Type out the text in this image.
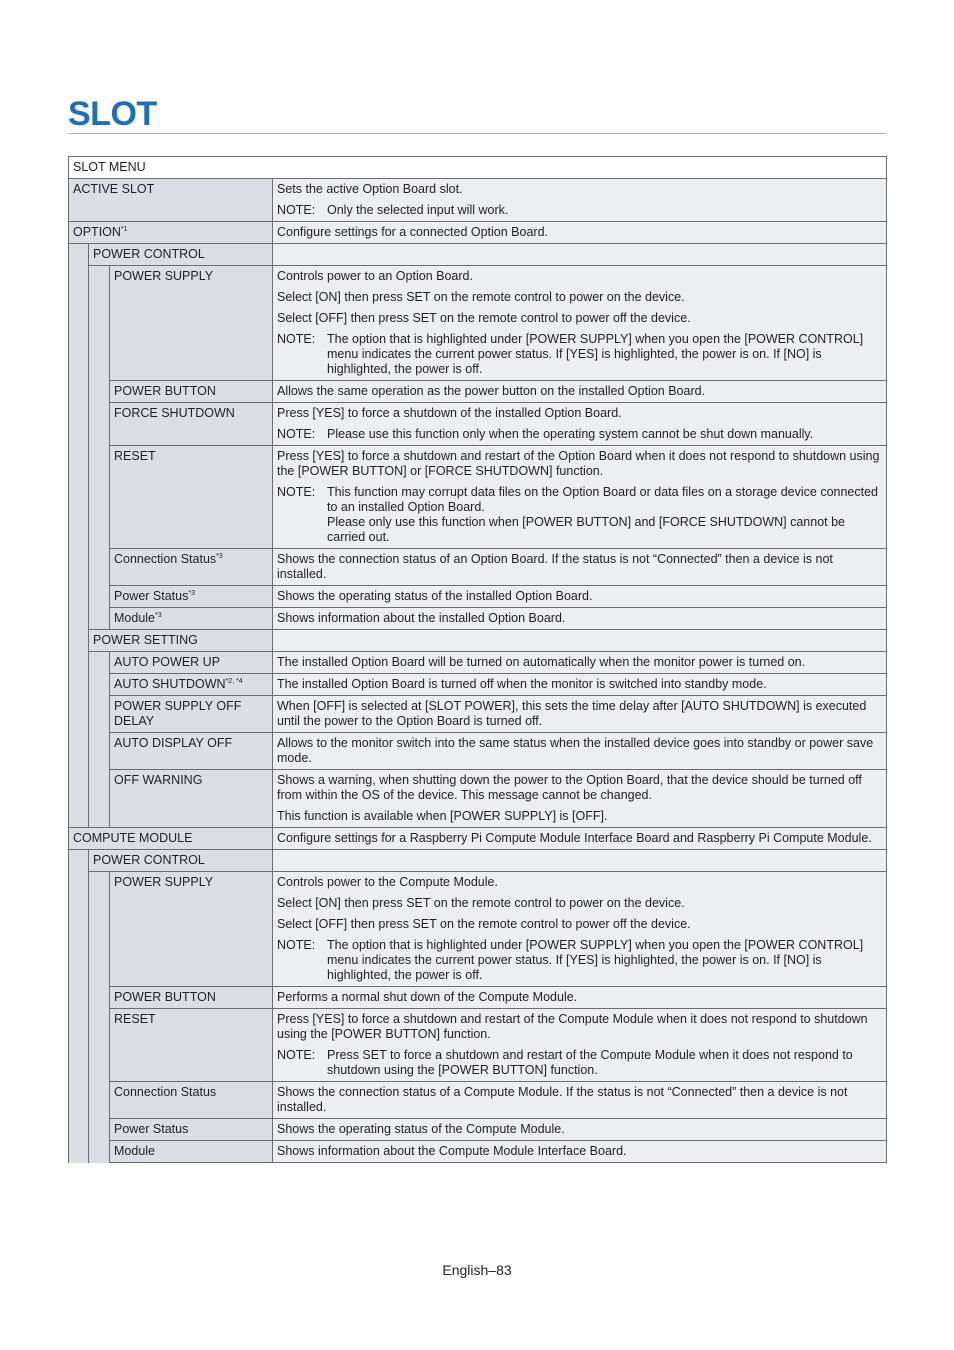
SLOT
SLOT MENU			
ACTIVE SLOT			Sets the active Option Board slot.
NOTE: Only the selected input will work.

OPTION$^{*1}$			Configure settings for a connected Option Board.
	POWER CONTROL		
		POWER SUPPLY	Controls power to an Option Board.
Select [ON] then press SET on the remote control to power on the device.
Select [OFF] then press SET on the remote control to power off the device.
NOTE: The option that is highlighted under [POWER SUPPLY] when you open the [POWER CONTROL] menu indicates the current power status. If [YES] is highlighted, the power is on. If [NO] is highlighted, the power is off.

		POWER BUTTON	Allows the same operation as the power button on the installed Option Board.
		FORCE SHUTDOWN	Press [YES] to force a shutdown of the installed Option Board.
NOTE: Please use this function only when the operating system cannot be shut down manually.

		RESET	Press [YES] to force a shutdown and restart of the Option Board when it does not respond to shutdown using the [POWER BUTTON] or [FORCE SHUTDOWN] function.
NOTE: This function may corrupt data files on the Option Board or data files on a storage device connected to an installed Option Board.
Please only use this function when [POWER BUTTON] and [FORCE SHUTDOWN] cannot be carried out.

		Connection Status$^{*3}$	Shows the connection status of an Option Board. If the status is not “Connected” then a device is not installed.
		Power Status$^{*3}$	Shows the operating status of the installed Option Board.
		Module$^{*3}$	Shows information about the installed Option Board.
	POWER SETTING		
		AUTO POWER UP	The installed Option Board will be turned on automatically when the monitor power is turned on.
		AUTO $SHUTDOWN^{*2, *4}$	The installed Option Board is turned off when the monitor is switched into standby mode.
		POWER SUPPLY OFF DELAY	When [OFF] is selected at [SLOT POWER], this sets the time delay after [AUTO SHUTDOWN] is executed until the power to the Option Board is turned off.
		AUTO DISPLAY OFF	Allows to the monitor switch into the same status when the installed device goes into standby or power save mode.
		OFF WARNING	Shows a warning, when shutting down the power to the Option Board, that the device should be turned off from within the OS of the device. This message cannot be changed.
This function is available when [POWER SUPPLY] is [OFF].

COMPUTE MODULE			Configure settings for a Raspberry Pi Compute Module Interface Board and Raspberry Pi Compute Module.
	POWER CONTROL		
		POWER SUPPLY	Controls power to the Compute Module.
Select [ON] then press SET on the remote control to power on the device.
Select [OFF] then press SET on the remote control to power off the device.
NOTE: The option that is highlighted under [POWER SUPPLY] when you open the [POWER CONTROL] menu indicates the current power status. If [YES] is highlighted, the power is on. If [NO] is highlighted, the power is off.

		POWER BUTTON	Performs a normal shut down of the Compute Module.
		RESET	Press [YES] to force a shutdown and restart of the Compute Module when it does not respond to shutdown using the [POWER BUTTON] function.
NOTE: Press SET to force a shutdown and restart of the Compute Module when it does not respond to shutdown using the [POWER BUTTON] function.

		Connection Status	Shows the connection status of a Compute Module. If the status is not “Connected” then a device is not installed.
		Power Status	Shows the operating status of the Compute Module.
		Module	Shows information about the Compute Module Interface Board.
English–83
